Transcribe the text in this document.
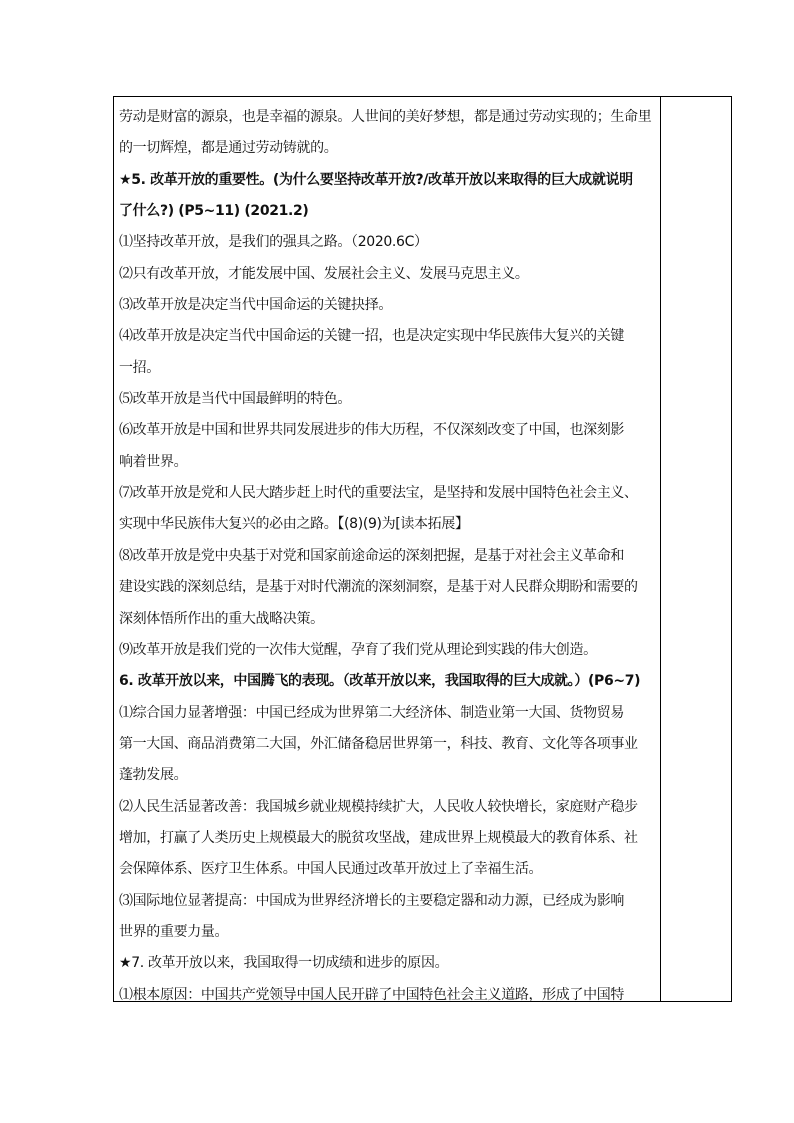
劳动是财富的源泉，也是幸福的源泉。人世间的美好梦想，都是通过劳动实现的；生命里
的一切辉煌，都是通过劳动铸就的。
★5. 改革开放的重要性。(为什么要坚持改革开放?/改革开放以来取得的巨大成就说明
了什么?) (P5~11) (2021.2)
⑴坚持改革开放，是我们的强具之路。（2020.6C）
⑵只有改革开放，才能发展中国、发展社会主义、发展马克思主义。
⑶改革开放是决定当代中国命运的关键抉择。
⑷改革开放是决定当代中国命运的关键一招，也是决定实现中华民族伟大复兴的关键
一招。
⑸改革开放是当代中国最鲜明的特色。
⑹改革开放是中国和世界共同发展进步的伟大历程，不仅深刻改变了中国，也深刻影
响着世界。
⑺改革开放是党和人民大踏步赶上时代的重要法宝，是坚持和发展中国特色社会主义、
实现中华民族伟大复兴的必由之路。【(8)(9)为[读本拓展】
⑻改革开放是党中央基于对党和国家前途命运的深刻把握，是基于对社会主义革命和
建设实践的深刻总结，是基于对时代潮流的深刻洞察，是基于对人民群众期盼和需要的
深刻体悟所作出的重大战略决策。
⑼改革开放是我们党的一次伟大觉醒，孕育了我们党从理论到实践的伟大创造。
6. 改革开放以来，中国腾飞的表现。（改革开放以来，我国取得的巨大成就。）(P6~7)
⑴综合国力显著增强：中国已经成为世界第二大经济体、制造业第一大国、货物贸易
第一大国、商品消费第二大国，外汇储备稳居世界第一，科技、教育、文化等各项事业
蓬勃发展。
⑵人民生活显著改善：我国城乡就业规模持续扩大，人民收人较快增长，家庭财产稳步
增加，打赢了人类历史上规模最大的脱贫攻坚战，建成世界上规模最大的教育体系、社
会保障体系、医疗卫生体系。中国人民通过改革开放过上了幸福生活。
⑶国际地位显著提高：中国成为世界经济增长的主要稳定器和动力源，已经成为影响
世界的重要力量。
★7. 改革开放以来，我国取得一切成绩和进步的原因。
⑴根本原因：中国共产党领导中国人民开辟了中国特色社会主义道路，形成了中国特
